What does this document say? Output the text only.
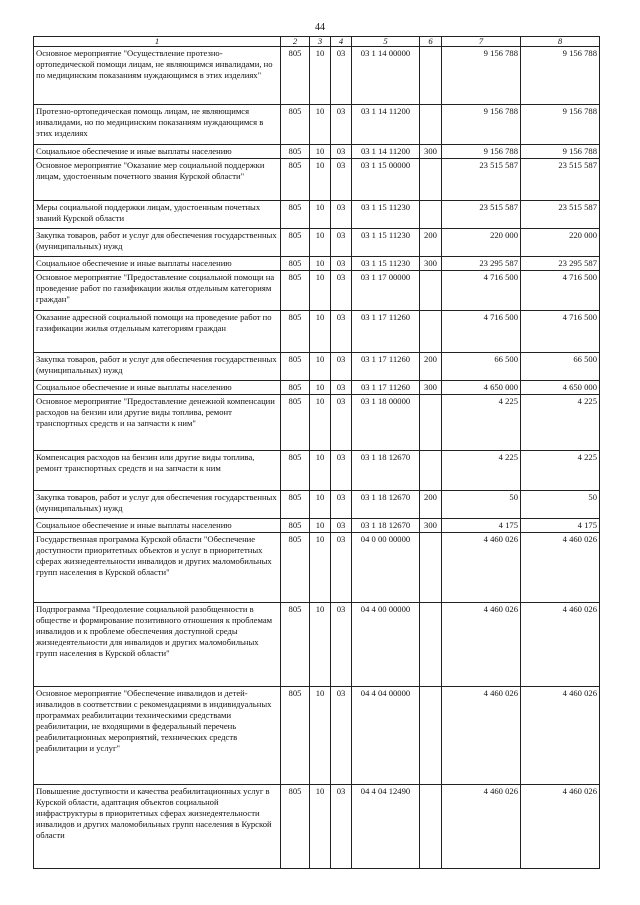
44
1	2	3	4	5	6	7	8
Основное мероприятие "Осуществление протезно-ортопедической помощи лицам, не являющимся инвалидами, но по медицинским показаниям нуждающимся в этих изделиях"	805	10	03	03 1 14 00000		9 156 788	9 156 788
Протезно-ортопедическая помощь лицам, не являющимся инвалидами, но по медицинским показаниям нуждающимся в этих изделиях	805	10	03	03 1 14 11200		9 156 788	9 156 788
Социальное обеспечение и иные выплаты населению	805	10	03	03 1 14 11200	300	9 156 788	9 156 788
Основное мероприятие "Оказание мер социальной поддержки лицам, удостоенным почетного звания Курской области"	805	10	03	03 1 15 00000		23 515 587	23 515 587
Меры социальной поддержки лицам, удостоенным почетных званий Курской области	805	10	03	03 1 15 11230		23 515 587	23 515 587
Закупка товаров, работ и услуг для обеспечения государственных (муниципальных) нужд	805	10	03	03 1 15 11230	200	220 000	220 000
Социальное обеспечение и иные выплаты населению	805	10	03	03 1 15 11230	300	23 295 587	23 295 587
Основное мероприятие "Предоставление социальной помощи на проведение работ по газификации жилья отдельным категориям граждан"	805	10	03	03 1 17 00000		4 716 500	4 716 500
Оказание адресной социальной помощи на проведение работ по газификации жилья отдельным категориям граждан	805	10	03	03 1 17 11260		4 716 500	4 716 500
Закупка товаров, работ и услуг для обеспечения государственных (муниципальных) нужд	805	10	03	03 1 17 11260	200	66 500	66 500
Социальное обеспечение и иные выплаты населению	805	10	03	03 1 17 11260	300	4 650 000	4 650 000
Основное мероприятие "Предоставление денежной компенсации расходов на бензин или другие виды топлива, ремонт транспортных средств и на запчасти к ним"	805	10	03	03 1 18 00000		4 225	4 225
Компенсация расходов на бензин или другие виды топлива, ремонт транспортных средств и на запчасти к ним	805	10	03	03 1 18 12670		4 225	4 225
Закупка товаров, работ и услуг для обеспечения государственных (муниципальных) нужд	805	10	03	03 1 18 12670	200	50	50
Социальное обеспечение и иные выплаты населению	805	10	03	03 1 18 12670	300	4 175	4 175
Государственная программа Курской области "Обеспечение доступности приоритетных объектов и услуг в приоритетных сферах жизнедеятельности инвалидов и других маломобильных групп населения в Курской области"	805	10	03	04 0 00 00000		4 460 026	4 460 026
Подпрограмма "Преодоление социальной разобщенности в обществе и формирование позитивного отношения к проблемам инвалидов и к проблеме обеспечения доступной среды жизнедеятельности для инвалидов и других маломобильных групп населения в Курской области"	805	10	03	04 4 00 00000		4 460 026	4 460 026
Основное мероприятие "Обеспечение инвалидов и детей-инвалидов в соответствии с рекомендациями в индивидуальных программах реабилитации техническими средствами реабилитации, не входящими в федеральный перечень реабилитационных мероприятий, технических средств реабилитации и услуг"	805	10	03	04 4 04 00000		4 460 026	4 460 026
Повышение доступности и качества реабилитационных услуг в Курской области, адаптация объектов социальной инфраструктуры в приоритетных сферах жизнедеятельности инвалидов и других маломобильных групп населения в Курской области	805	10	03	04 4 04 12490		4 460 026	4 460 026
